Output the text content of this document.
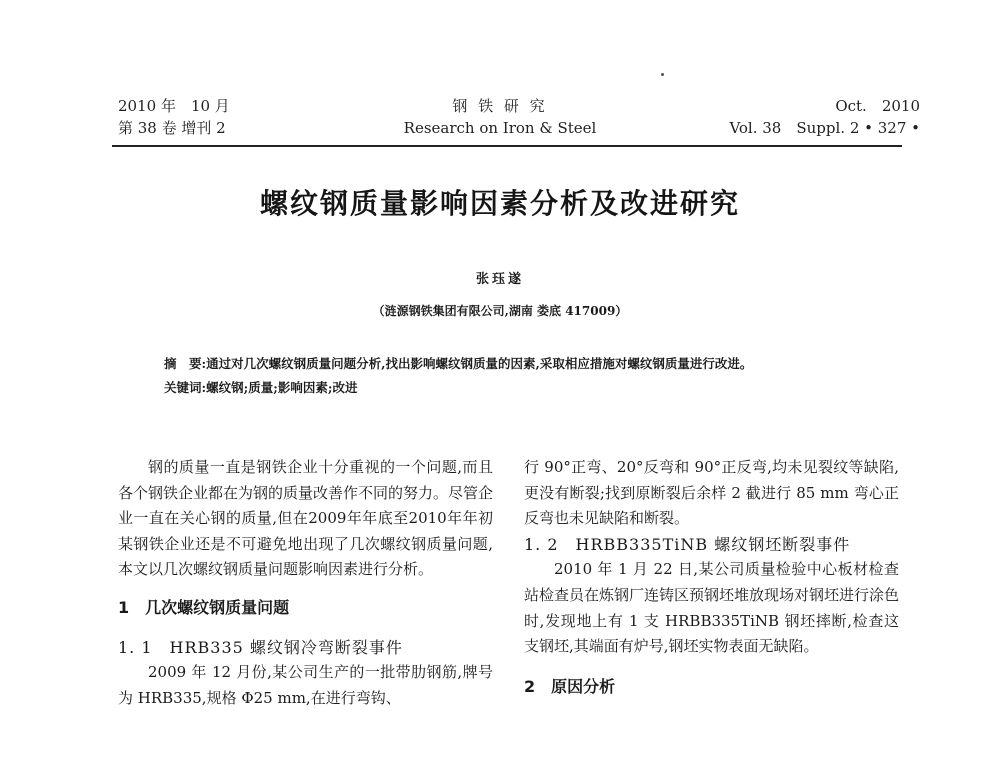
2010 年　10 月
第 38 卷 增刊 2
钢 铁 研 究
Research on Iron & Steel
Oct.　2010
Vol. 38　Suppl. 2 • 327 •
螺纹钢质量影响因素分析及改进研究
张珏遂
（涟源钢铁集团有限公司,湖南 娄底 417009）

摘　要:通过对几次螺纹钢质量问题分析,找出影响螺纹钢质量的因素,采取相应措施对螺纹钢质量进行改进。

关键词:螺纹钢;质量;影响因素;改进

钢的质量一直是钢铁企业十分重视的一个问题,而且各个钢铁企业都在为钢的质量改善作不同的努力。尽管企业一直在关心钢的质量,但在2009年年底至2010年年初某钢铁企业还是不可避免地出现了几次螺纹钢质量问题,本文以几次螺纹钢质量问题影响因素进行分析。

1　几次螺纹钢质量问题

1. 1　HRB335 螺纹钢冷弯断裂事件

2009 年 12 月份,某公司生产的一批带肋钢筋,牌号为 HRB335,规格 Φ25 mm,在进行弯钩、

行 90°正弯、20°反弯和 90°正反弯,均未见裂纹等缺陷,更没有断裂;找到原断裂后余样 2 截进行 85 mm 弯心正反弯也未见缺陷和断裂。

1. 2　HRBB335TiNB 螺纹钢坯断裂事件

2010 年 1 月 22 日,某公司质量检验中心板材检查站检查员在炼钢厂连铸区预钢坯堆放现场对钢坯进行涂色时,发现地上有 1 支 HRBB335TiNB 钢坯摔断,检查这支钢坯,其端面有炉号,钢坯实物表面无缺陷。

2　原因分析
